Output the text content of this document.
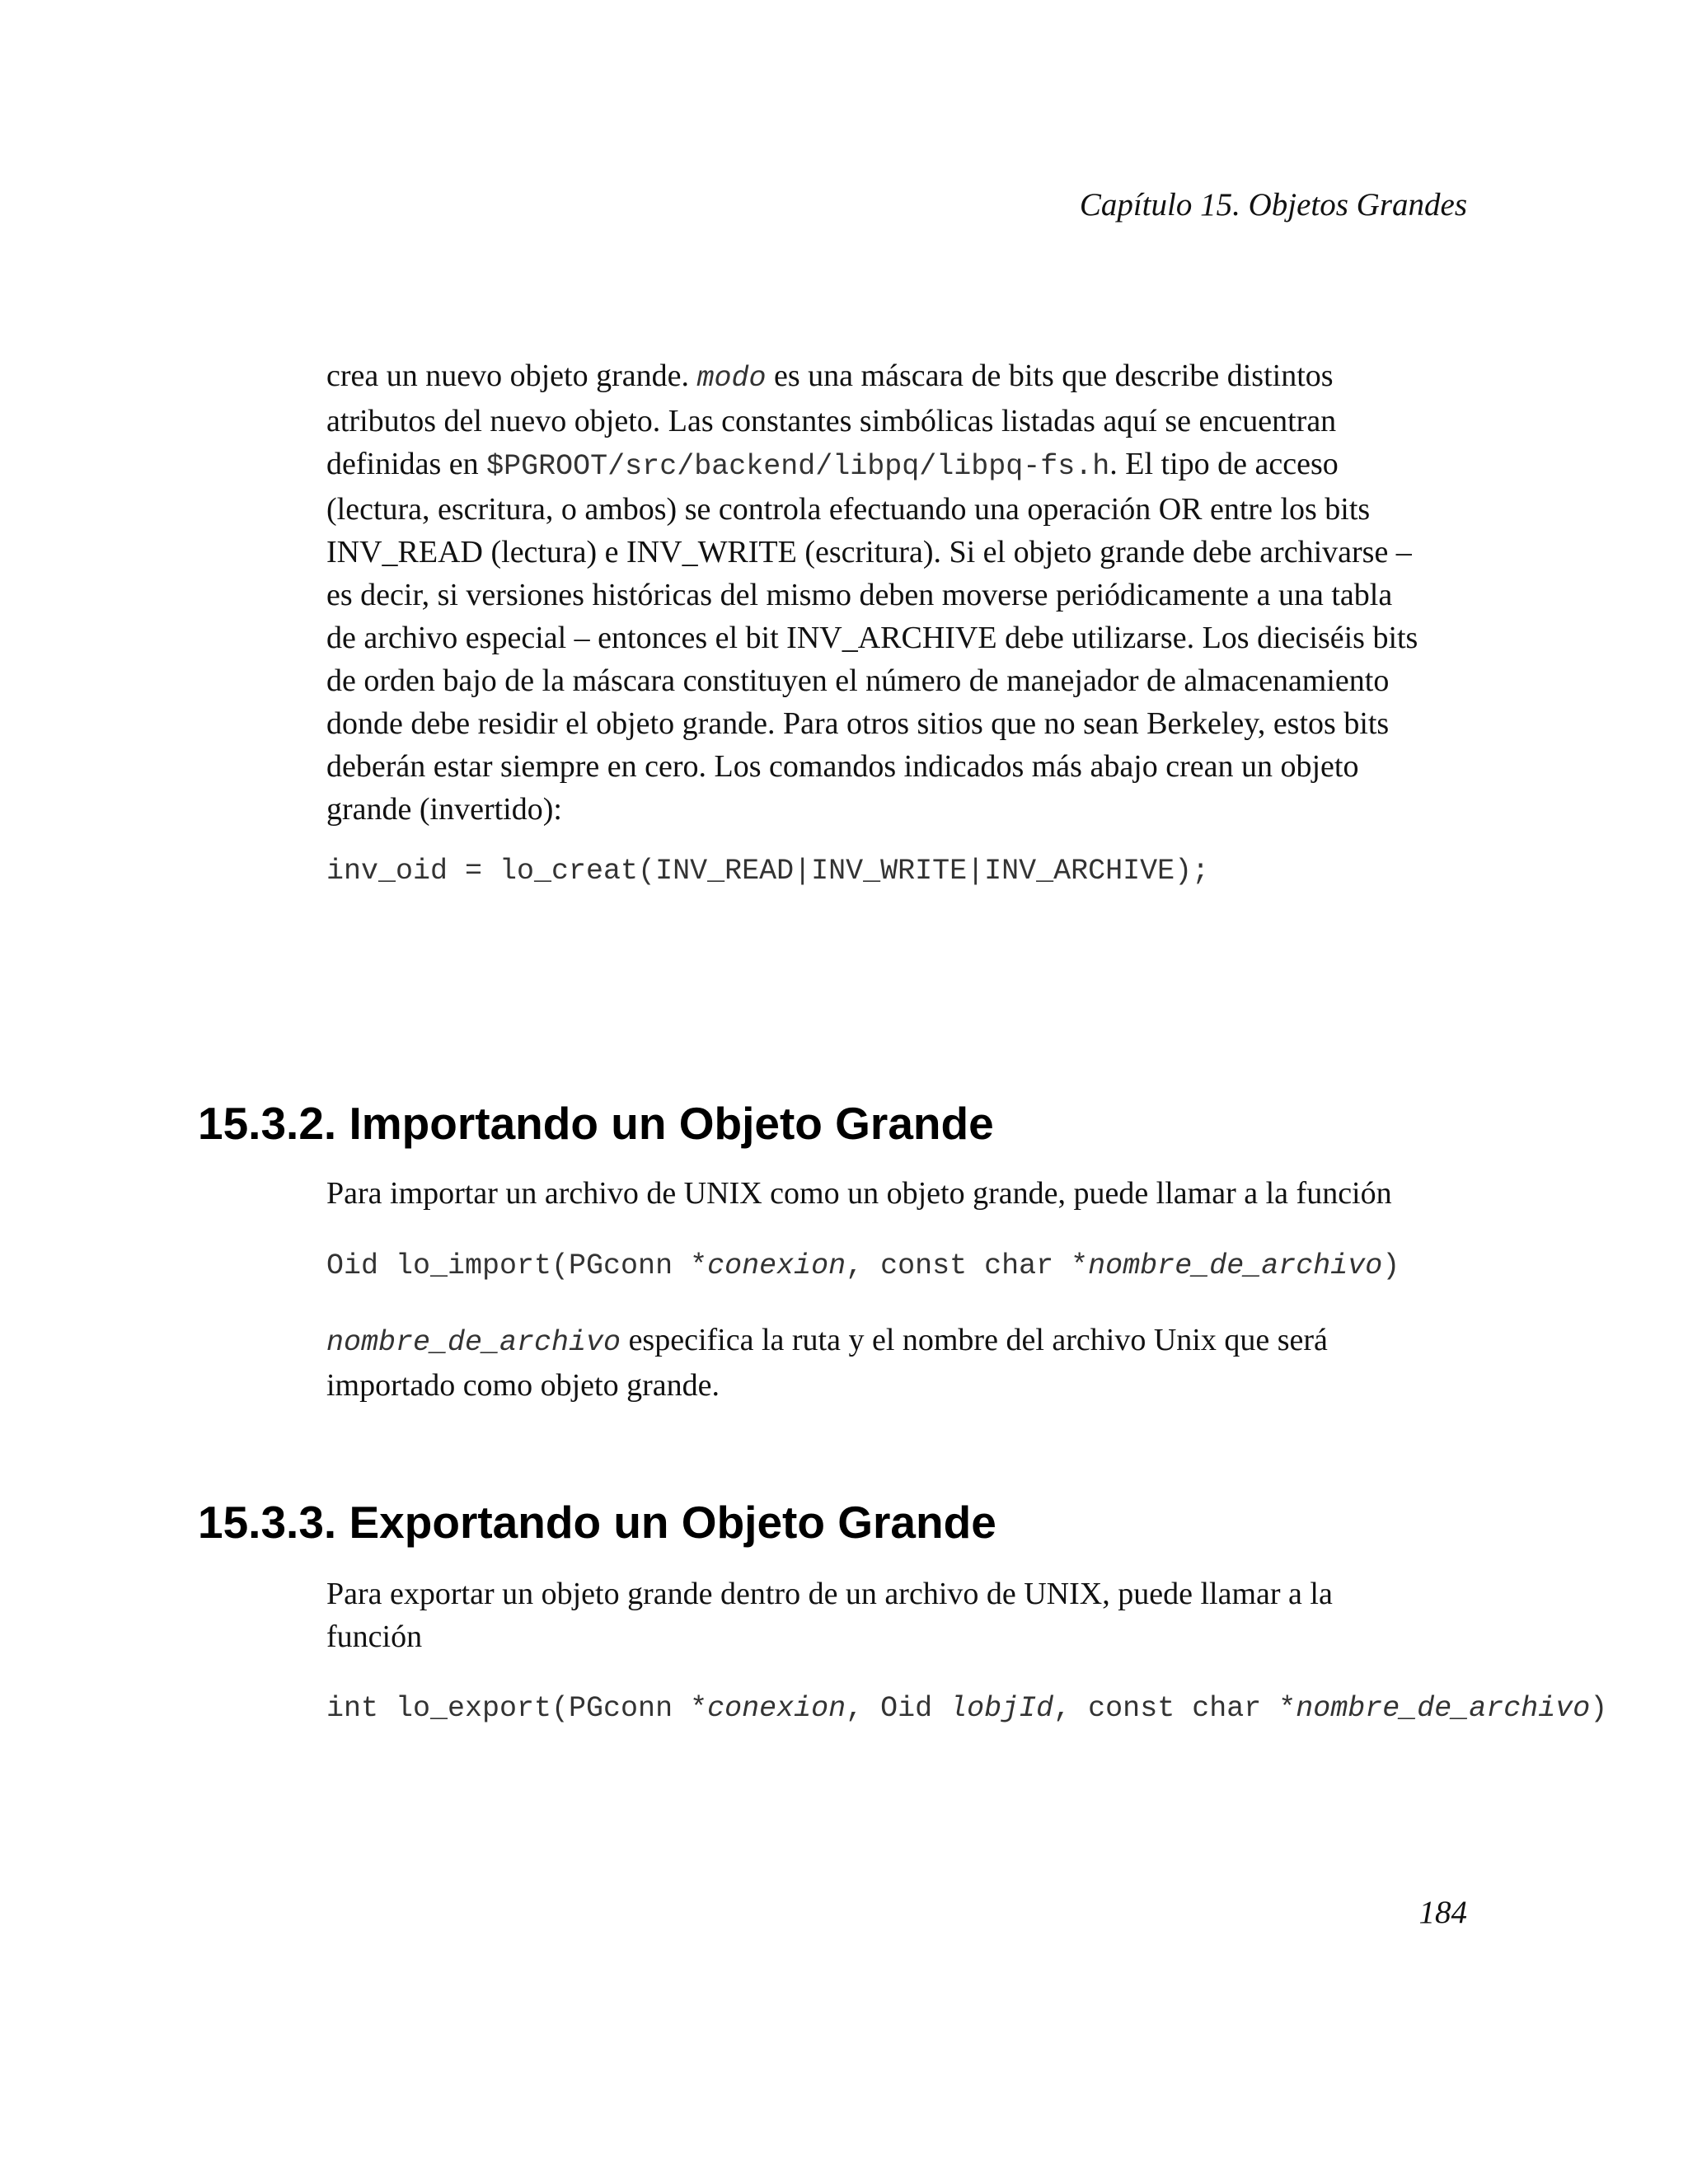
Capítulo 15. Objetos Grandes
crea un nuevo objeto grande. modo es una máscara de bits que describe distintos
atributos del nuevo objeto. Las constantes simbólicas listadas aquí se encuentran
definidas en $PGROOT/src/backend/libpq/libpq-fs.h. El tipo de acceso
(lectura, escritura, o ambos) se controla efectuando una operación OR entre los bits
INV_READ (lectura) e INV_WRITE (escritura). Si el objeto grande debe archivarse –
es decir, si versiones históricas del mismo deben moverse periódicamente a una tabla
de archivo especial – entonces el bit INV_ARCHIVE debe utilizarse. Los dieciséis bits
de orden bajo de la máscara constituyen el número de manejador de almacenamiento
donde debe residir el objeto grande. Para otros sitios que no sean Berkeley, estos bits
deberán estar siempre en cero. Los comandos indicados más abajo crean un objeto
grande (invertido):
inv_oid = lo_creat(INV_READ|INV_WRITE|INV_ARCHIVE);
15.3.2. Importando un Objeto Grande
Para importar un archivo de UNIX como un objeto grande, puede llamar a la función
Oid lo_import(PGconn *conexion, const char *nombre_de_archivo)
nombre_de_archivo especifica la ruta y el nombre del archivo Unix que será
importado como objeto grande.
15.3.3. Exportando un Objeto Grande
Para exportar un objeto grande dentro de un archivo de UNIX, puede llamar a la
función
int lo_export(PGconn *conexion, Oid lobjId, const char *nombre_de_archivo)
184
